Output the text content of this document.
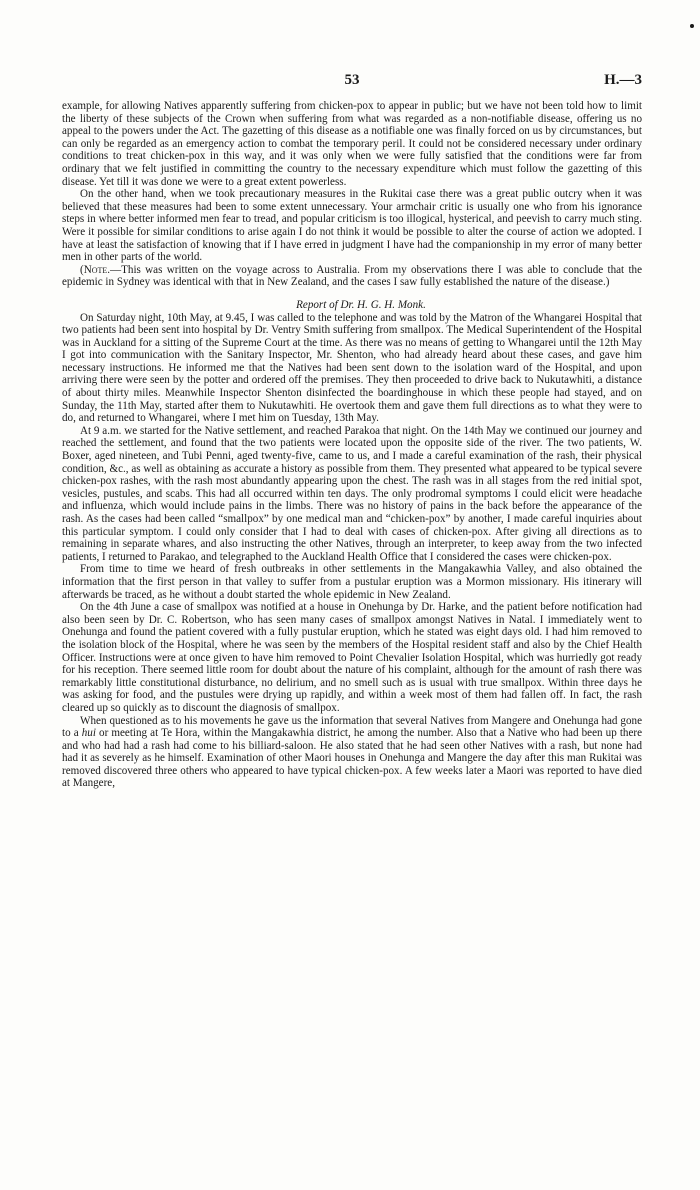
53	H.—3

example, for allowing Natives apparently suffering from chicken-pox to appear in public; but we have not been told how to limit the liberty of these subjects of the Crown when suffering from what was regarded as a non-notifiable disease, offering us no appeal to the powers under the Act. The gazetting of this disease as a notifiable one was finally forced on us by circumstances, but can only be regarded as an emergency action to combat the temporary peril. It could not be considered necessary under ordinary conditions to treat chicken-pox in this way, and it was only when we were fully satisfied that the conditions were far from ordinary that we felt justified in committing the country to the necessary expenditure which must follow the gazetting of this disease. Yet till it was done we were to a great extent powerless.

On the other hand, when we took precautionary measures in the Rukitai case there was a great public outcry when it was believed that these measures had been to some extent unnecessary. Your armchair critic is usually one who from his ignorance steps in where better informed men fear to tread, and popular criticism is too illogical, hysterical, and peevish to carry much sting. Were it possible for similar conditions to arise again I do not think it would be possible to alter the course of action we adopted. I have at least the satisfaction of knowing that if I have erred in judgment I have had the companionship in my error of many better men in other parts of the world.

(Note.—This was written on the voyage across to Australia. From my observations there I was able to conclude that the epidemic in Sydney was identical with that in New Zealand, and the cases I saw fully established the nature of the disease.)

Report of Dr. H. G. H. Monk.

On Saturday night, 10th May, at 9.45, I was called to the telephone and was told by the Matron of the Whangarei Hospital that two patients had been sent into hospital by Dr. Ventry Smith suffering from smallpox. The Medical Superintendent of the Hospital was in Auckland for a sitting of the Supreme Court at the time. As there was no means of getting to Whangarei until the 12th May I got into communication with the Sanitary Inspector, Mr. Shenton, who had already heard about these cases, and gave him necessary instructions. He informed me that the Natives had been sent down to the isolation ward of the Hospital, and upon arriving there were seen by the potter and ordered off the premises. They then proceeded to drive back to Nukutawhiti, a distance of about thirty miles. Meanwhile Inspector Shenton disinfected the boardinghouse in which these people had stayed, and on Sunday, the 11th May, started after them to Nukutawhiti. He overtook them and gave them full directions as to what they were to do, and returned to Whangarei, where I met him on Tuesday, 13th May.

At 9 a.m. we started for the Native settlement, and reached Parakoa that night. On the 14th May we continued our journey and reached the settlement, and found that the two patients were located upon the opposite side of the river. The two patients, W. Boxer, aged nineteen, and Tubi Penni, aged twenty-five, came to us, and I made a careful examination of the rash, their physical condition, &c., as well as obtaining as accurate a history as possible from them. They presented what appeared to be typical severe chicken-pox rashes, with the rash most abundantly appearing upon the chest. The rash was in all stages from the red initial spot, vesicles, pustules, and scabs. This had all occurred within ten days. The only prodromal symptoms I could elicit were headache and influenza, which would include pains in the limbs. There was no history of pains in the back before the appearance of the rash. As the cases had been called “smallpox” by one medical man and “chicken-pox” by another, I made careful inquiries about this particular symptom. I could only consider that I had to deal with cases of chicken-pox. After giving all directions as to remaining in separate whares, and also instructing the other Natives, through an interpreter, to keep away from the two infected patients, I returned to Parakao, and telegraphed to the Auckland Health Office that I considered the cases were chicken-pox.

From time to time we heard of fresh outbreaks in other settlements in the Mangakawhia Valley, and also obtained the information that the first person in that valley to suffer from a pustular eruption was a Mormon missionary. His itinerary will afterwards be traced, as he without a doubt started the whole epidemic in New Zealand.

On the 4th June a case of smallpox was notified at a house in Onehunga by Dr. Harke, and the patient before notification had also been seen by Dr. C. Robertson, who has seen many cases of smallpox amongst Natives in Natal. I immediately went to Onehunga and found the patient covered with a fully pustular eruption, which he stated was eight days old. I had him removed to the isolation block of the Hospital, where he was seen by the members of the Hospital resident staff and also by the Chief Health Officer. Instructions were at once given to have him removed to Point Chevalier Isolation Hospital, which was hurriedly got ready for his reception. There seemed little room for doubt about the nature of his complaint, although for the amount of rash there was remarkably little constitutional disturbance, no delirium, and no smell such as is usual with true smallpox. Within three days he was asking for food, and the pustules were drying up rapidly, and within a week most of them had fallen off. In fact, the rash cleared up so quickly as to discount the diagnosis of smallpox.

When questioned as to his movements he gave us the information that several Natives from Mangere and Onehunga had gone to a hui or meeting at Te Hora, within the Mangakawhia district, he among the number. Also that a Native who had been up there and who had had a rash had come to his billiard-saloon. He also stated that he had seen other Natives with a rash, but none had had it as severely as he himself. Examination of other Maori houses in Onehunga and Mangere the day after this man Rukitai was removed discovered three others who appeared to have typical chicken-pox. A few weeks later a Maori was reported to have died at Mangere,
